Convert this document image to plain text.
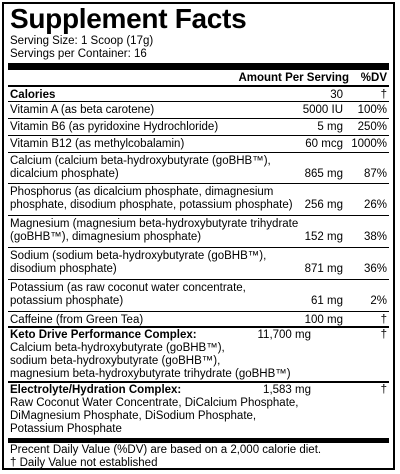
Supplement Facts
Serving Size: 1 Scoop (17g)
Servings per Container: 16
Amount Per Serving %DV
Calories	30	†
Vitamin A (as beta carotene)	5000 IU 100%
Vitamin B6 (as pyridoxine Hydrochloride)	5 mg 250%
Vitamin B12 (as methylcobalamin)	60 mcg 1000%
Calcium (calcium beta-hydroxybutyrate (goBHB™),
dicalcium phosphate)	865 mg 87%
Phosphorus (as dicalcium phosphate, dimagnesium
phosphate, disodium phosphate, potassium phosphate) 256 mg 26%
Magnesium (magnesium beta-hydroxybutyrate trihydrate
(goBHB™), dimagnesium phosphate)	152 mg 38%
Sodium (sodium beta-hydroxybutyrate (goBHB™),
disodium phosphate)	871 mg 36%
Potassium (as raw coconut water concentrate,
potassium phosphate)	61 mg 2%
Caffeine (from Green Tea)	100 mg	†
Keto Drive Performance Complex:
Calcium beta-hydroxybutyrate (goBHB™),
sodium beta-hydroxybutyrate (goBHB™),
magnesium beta-hydroxybutyrate trihydrate (goBHB™)
11,700 mg	†
Electrolyte/Hydration Complex:
Raw Coconut Water Concentrate, DiCalcium Phosphate,
DiMagnesium Phosphate, DiSodium Phosphate,
Potassium Phosphate
1,583 mg	†
Precent Daily Value (%DV) are based on a 2,000 calorie diet.
† Daily Value not established
